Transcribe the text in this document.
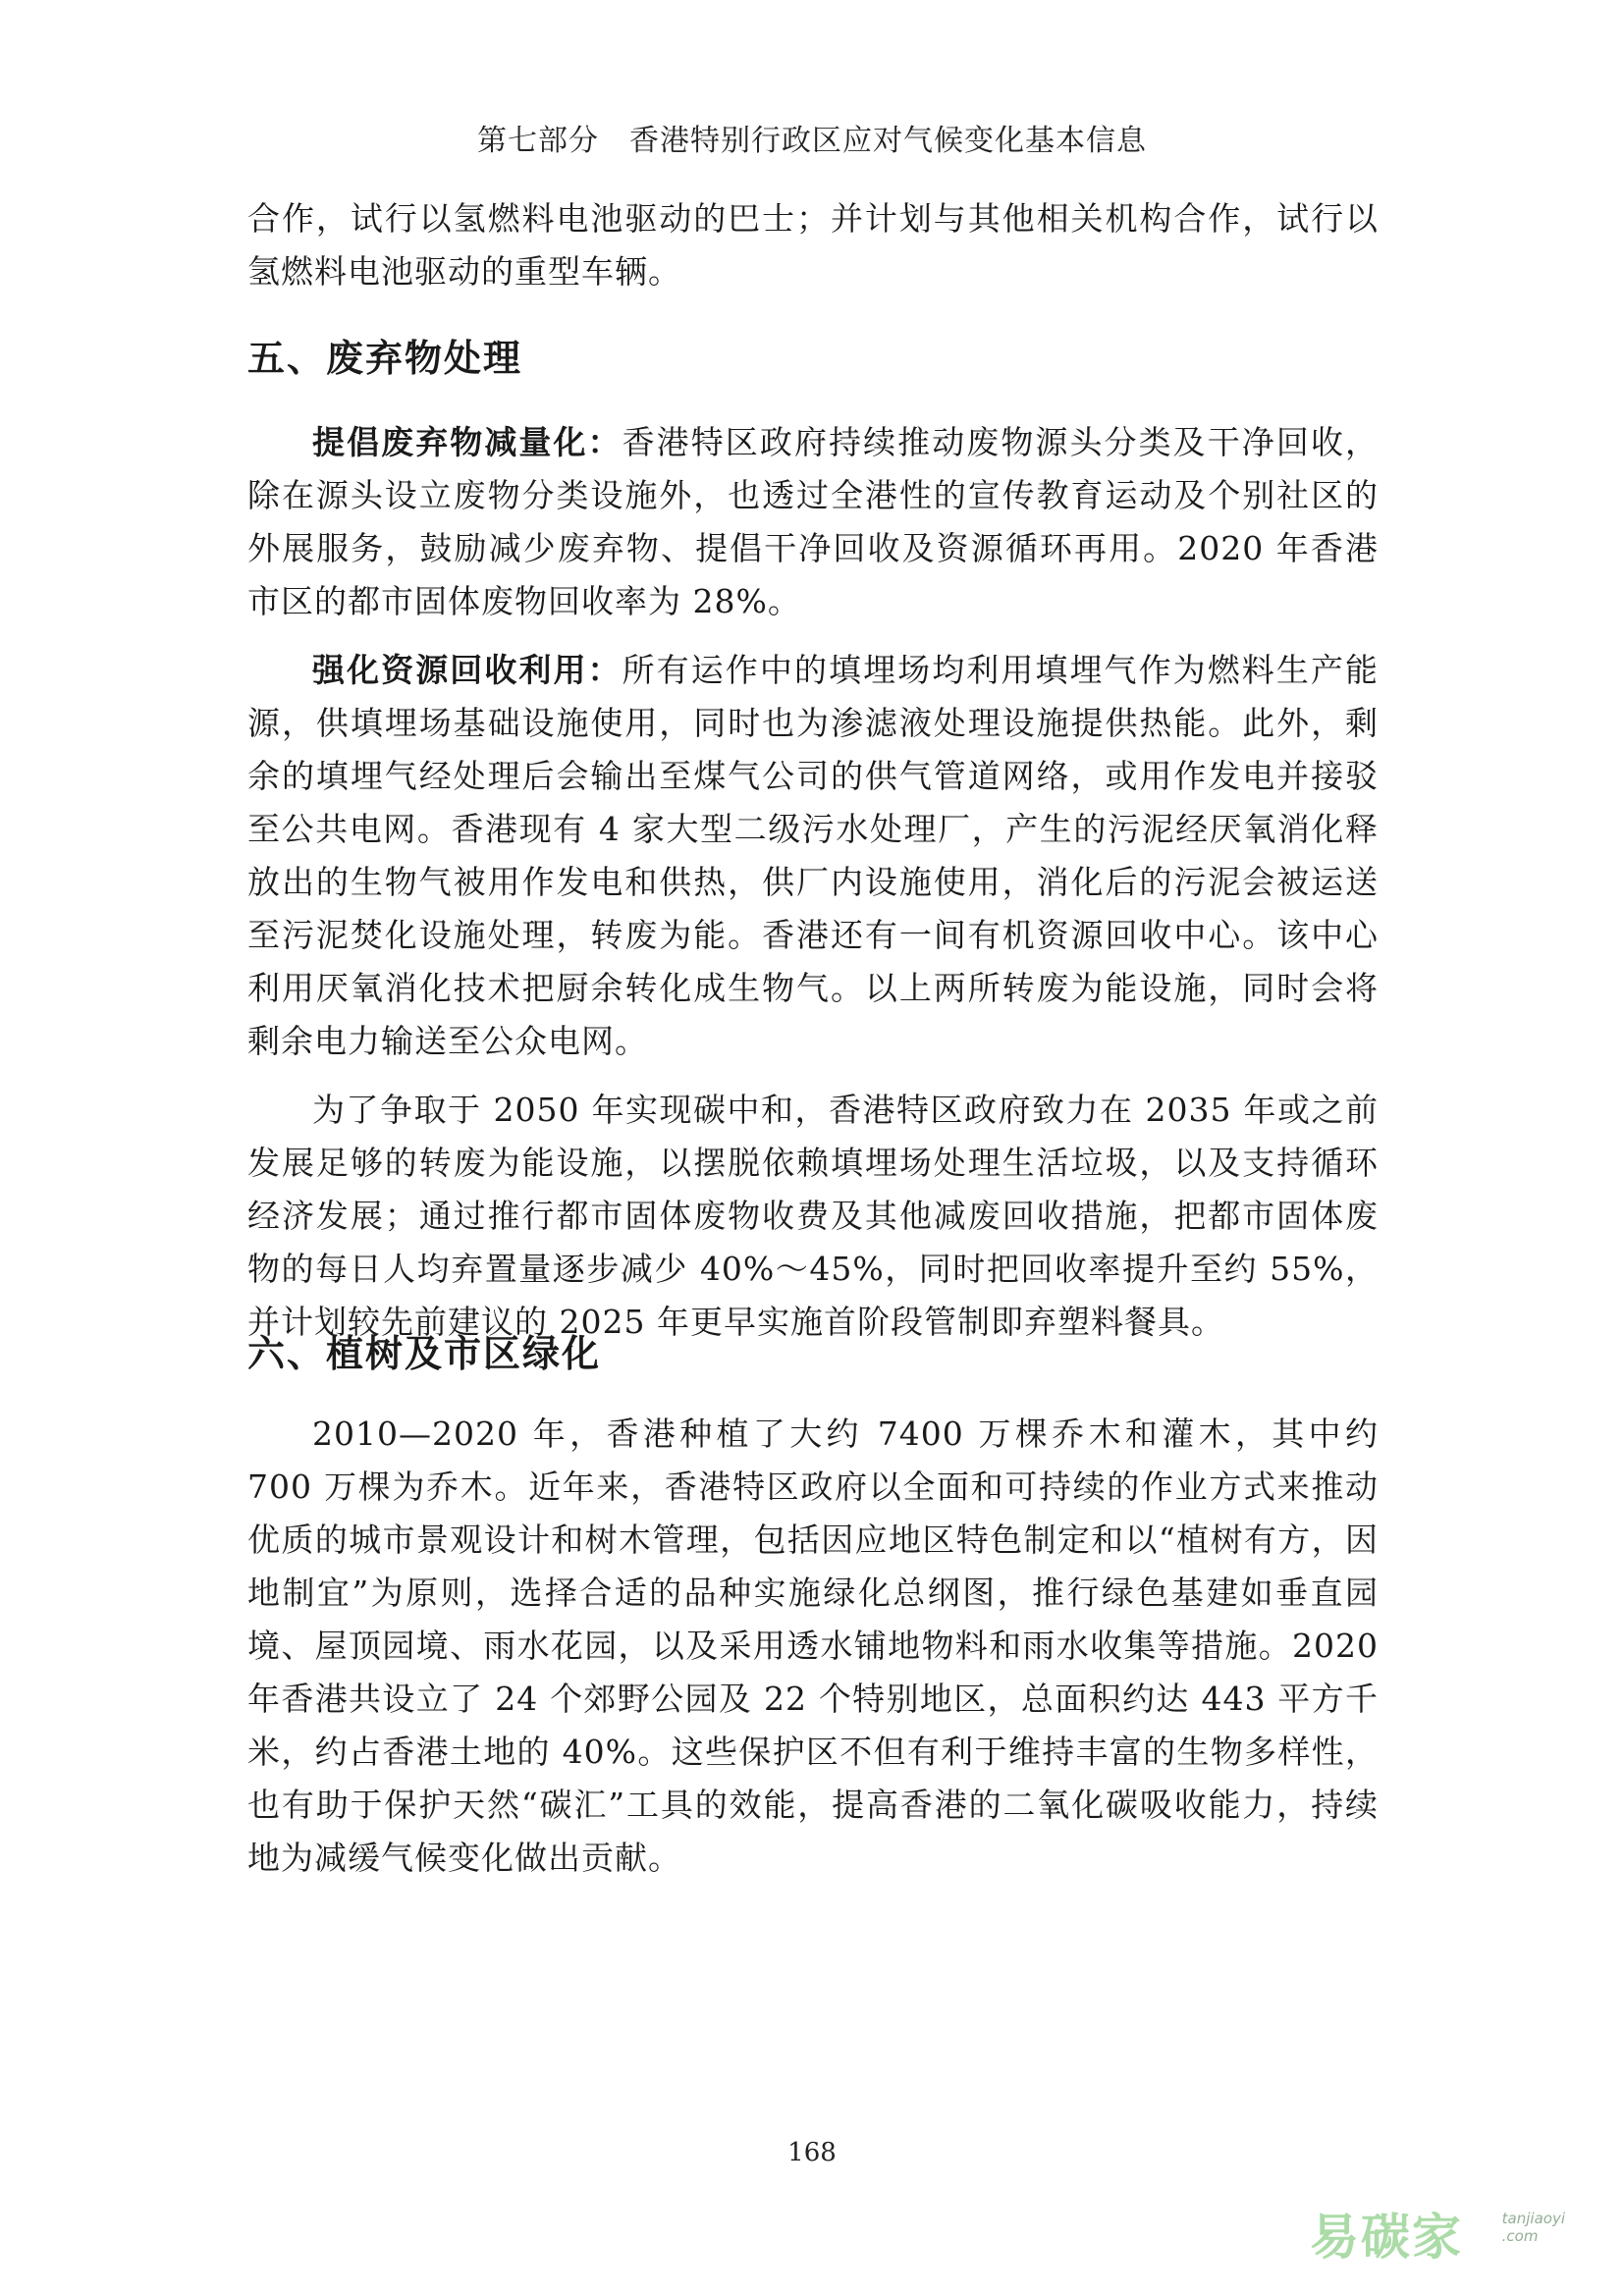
第七部分　香港特别行政区应对气候变化基本信息

合作，试行以氢燃料电池驱动的巴士；并计划与其他相关机构合作，试行以氢燃料电池驱动的重型车辆。

五、废弃物处理

提倡废弃物减量化：香港特区政府持续推动废物源头分类及干净回收，除在源头设立废物分类设施外，也透过全港性的宣传教育运动及个别社区的外展服务，鼓励减少废弃物、提倡干净回收及资源循环再用。2020 年香港市区的都市固体废物回收率为 28%。

强化资源回收利用：所有运作中的填埋场均利用填埋气作为燃料生产能源，供填埋场基础设施使用，同时也为渗滤液处理设施提供热能。此外，剩余的填埋气经处理后会输出至煤气公司的供气管道网络，或用作发电并接驳至公共电网。香港现有 4 家大型二级污水处理厂，产生的污泥经厌氧消化释放出的生物气被用作发电和供热，供厂内设施使用，消化后的污泥会被运送至污泥焚化设施处理，转废为能。香港还有一间有机资源回收中心。该中心利用厌氧消化技术把厨余转化成生物气。以上两所转废为能设施，同时会将剩余电力输送至公众电网。

为了争取于 2050 年实现碳中和，香港特区政府致力在 2035 年或之前发展足够的转废为能设施，以摆脱依赖填埋场处理生活垃圾，以及支持循环经济发展；通过推行都市固体废物收费及其他减废回收措施，把都市固体废物的每日人均弃置量逐步减少 40%～45%，同时把回收率提升至约 55%，并计划较先前建议的 2025 年更早实施首阶段管制即弃塑料餐具。

六、植树及市区绿化

2010—2020 年，香港种植了大约 7400 万棵乔木和灌木，其中约 700 万棵为乔木。近年来，香港特区政府以全面和可持续的作业方式来推动优质的城市景观设计和树木管理，包括因应地区特色制定和以“植树有方，因地制宜”为原则，选择合适的品种实施绿化总纲图，推行绿色基建如垂直园境、屋顶园境、雨水花园，以及采用透水铺地物料和雨水收集等措施。2020 年香港共设立了 24 个郊野公园及 22 个特别地区，总面积约达 443 平方千米，约占香港土地的 40%。这些保护区不但有利于维持丰富的生物多样性，也有助于保护天然“碳汇”工具的效能，提高香港的二氧化碳吸收能力，持续地为减缓气候变化做出贡献。

168
易碳家	tanjiaoyi
.com
